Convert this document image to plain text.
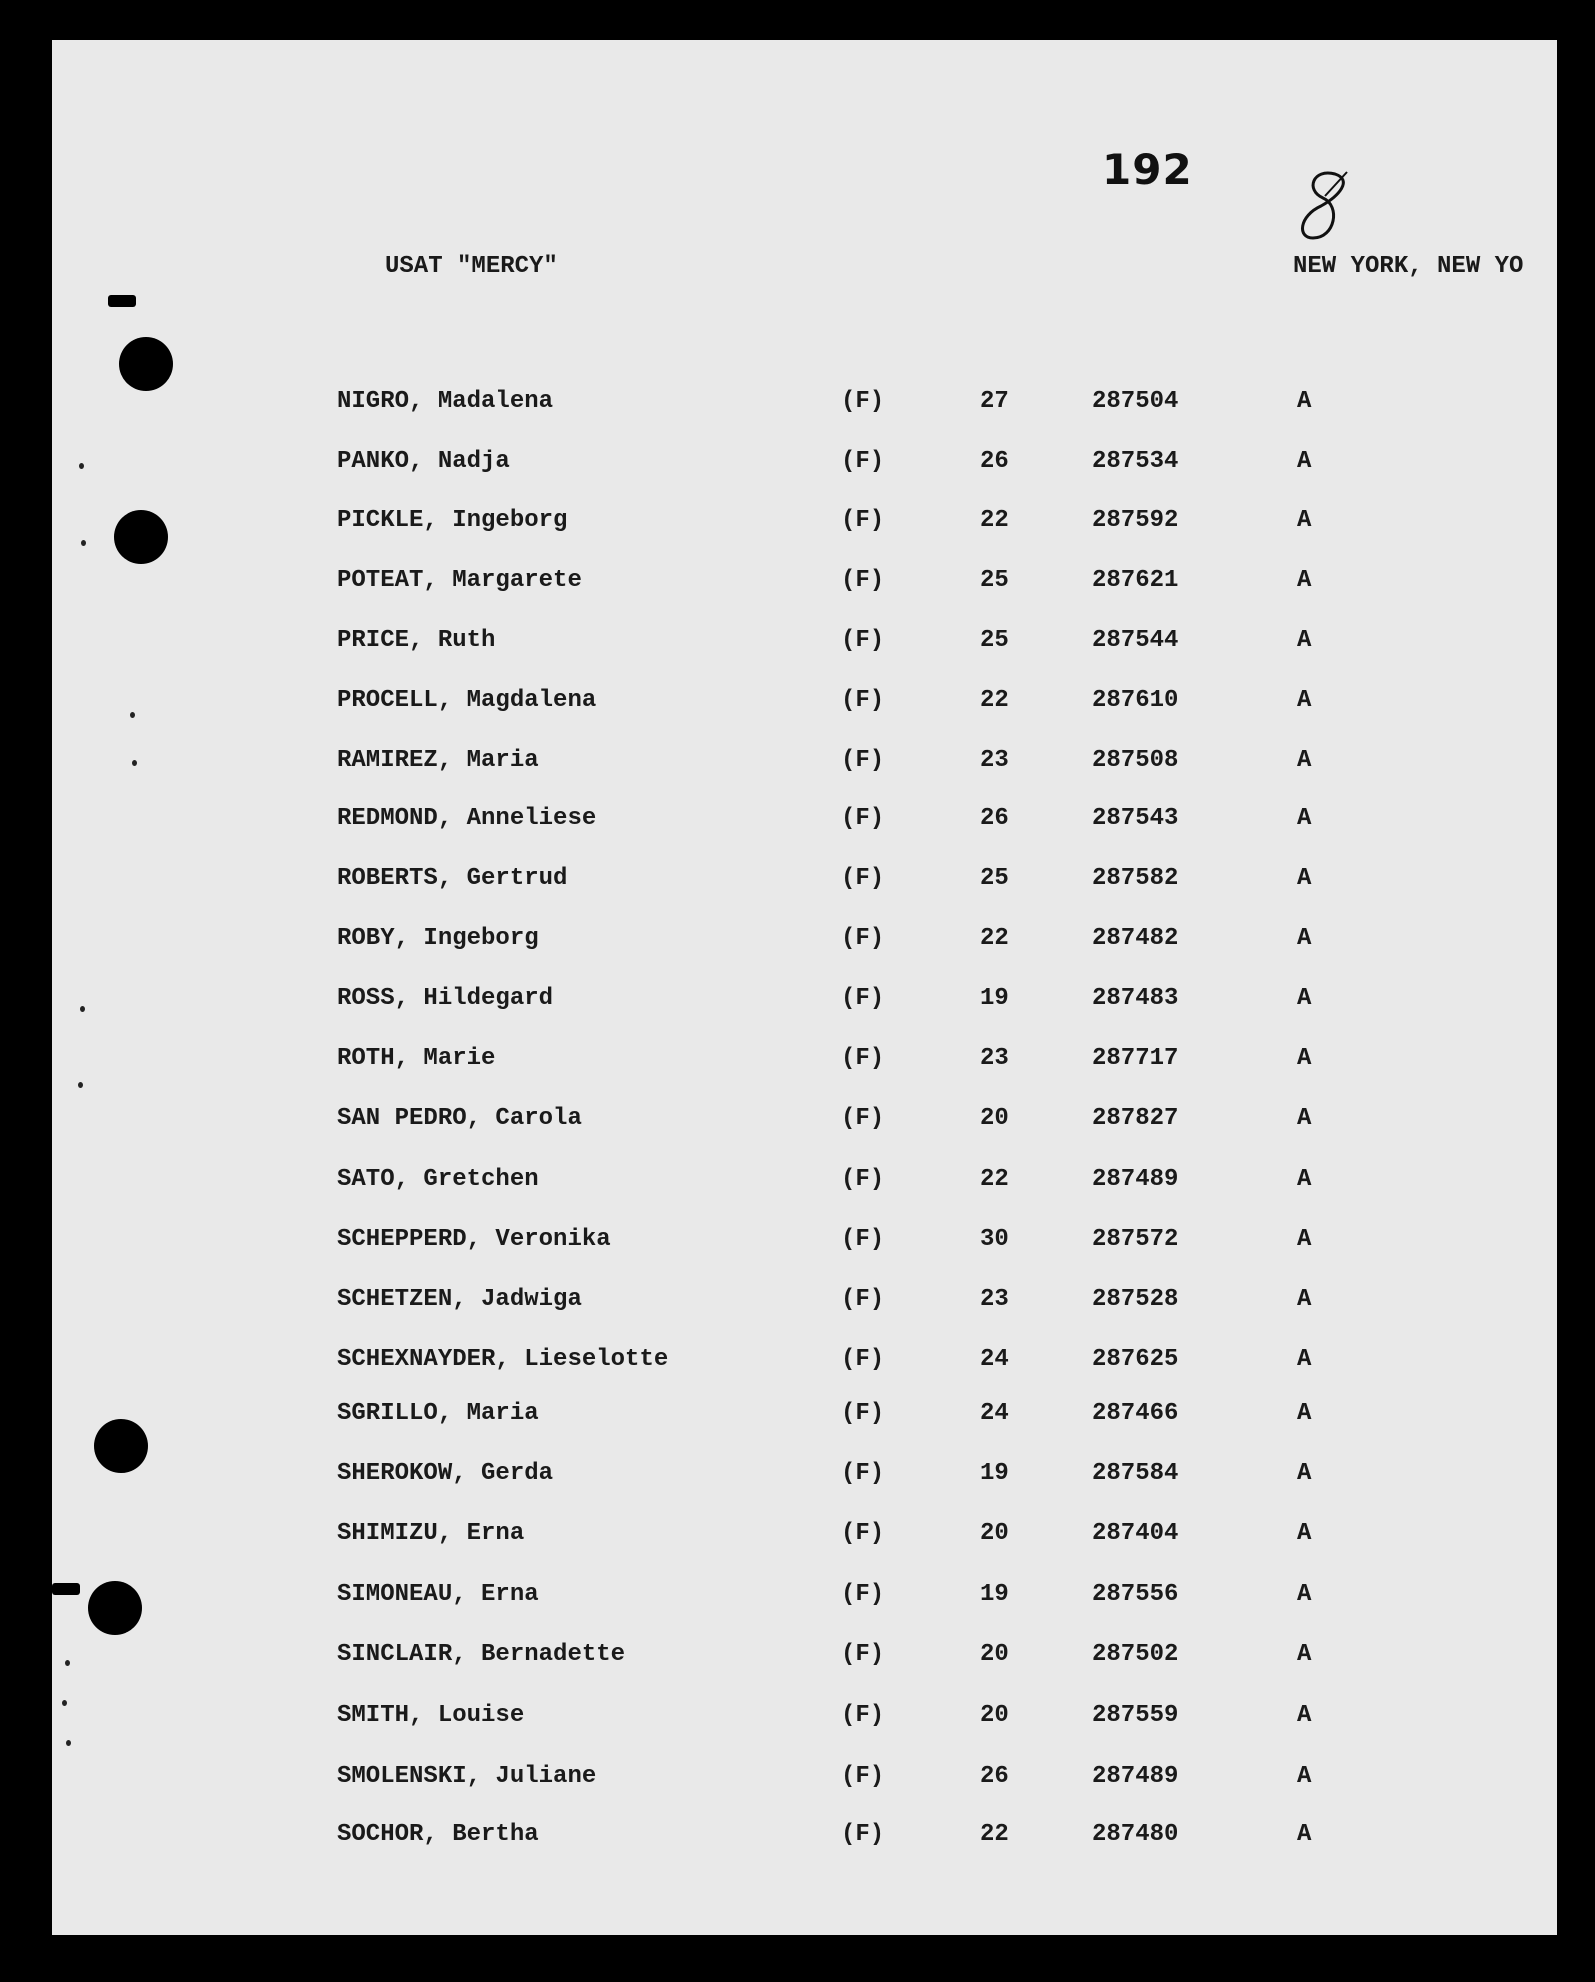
192
USAT "MERCY"	NEW YORK, NEW YO
NIGRO, Madalena	(F)	27	287504	A
PANKO, Nadja	(F)	26	287534	A
PICKLE, Ingeborg	(F)	22	287592	A
POTEAT, Margarete	(F)	25	287621	A
PRICE, Ruth	(F)	25	287544	A
PROCELL, Magdalena	(F)	22	287610	A
RAMIREZ, Maria	(F)	23	287508	A
REDMOND, Anneliese	(F)	26	287543	A
ROBERTS, Gertrud	(F)	25	287582	A
ROBY, Ingeborg	(F)	22	287482	A
ROSS, Hildegard	(F)	19	287483	A
ROTH, Marie	(F)	23	287717	A
SAN PEDRO, Carola	(F)	20	287827	A
SATO, Gretchen	(F)	22	287489	A
SCHEPPERD, Veronika	(F)	30	287572	A
SCHETZEN, Jadwiga	(F)	23	287528	A
SCHEXNAYDER, Lieselotte	(F)	24	287625	A
SGRILLO, Maria	(F)	24	287466	A
SHEROKOW, Gerda	(F)	19	287584	A
SHIMIZU, Erna	(F)	20	287404	A
SIMONEAU, Erna	(F)	19	287556	A
SINCLAIR, Bernadette	(F)	20	287502	A
SMITH, Louise	(F)	20	287559	A
SMOLENSKI, Juliane	(F)	26	287489	A
SOCHOR, Bertha	(F)	22	287480	A
